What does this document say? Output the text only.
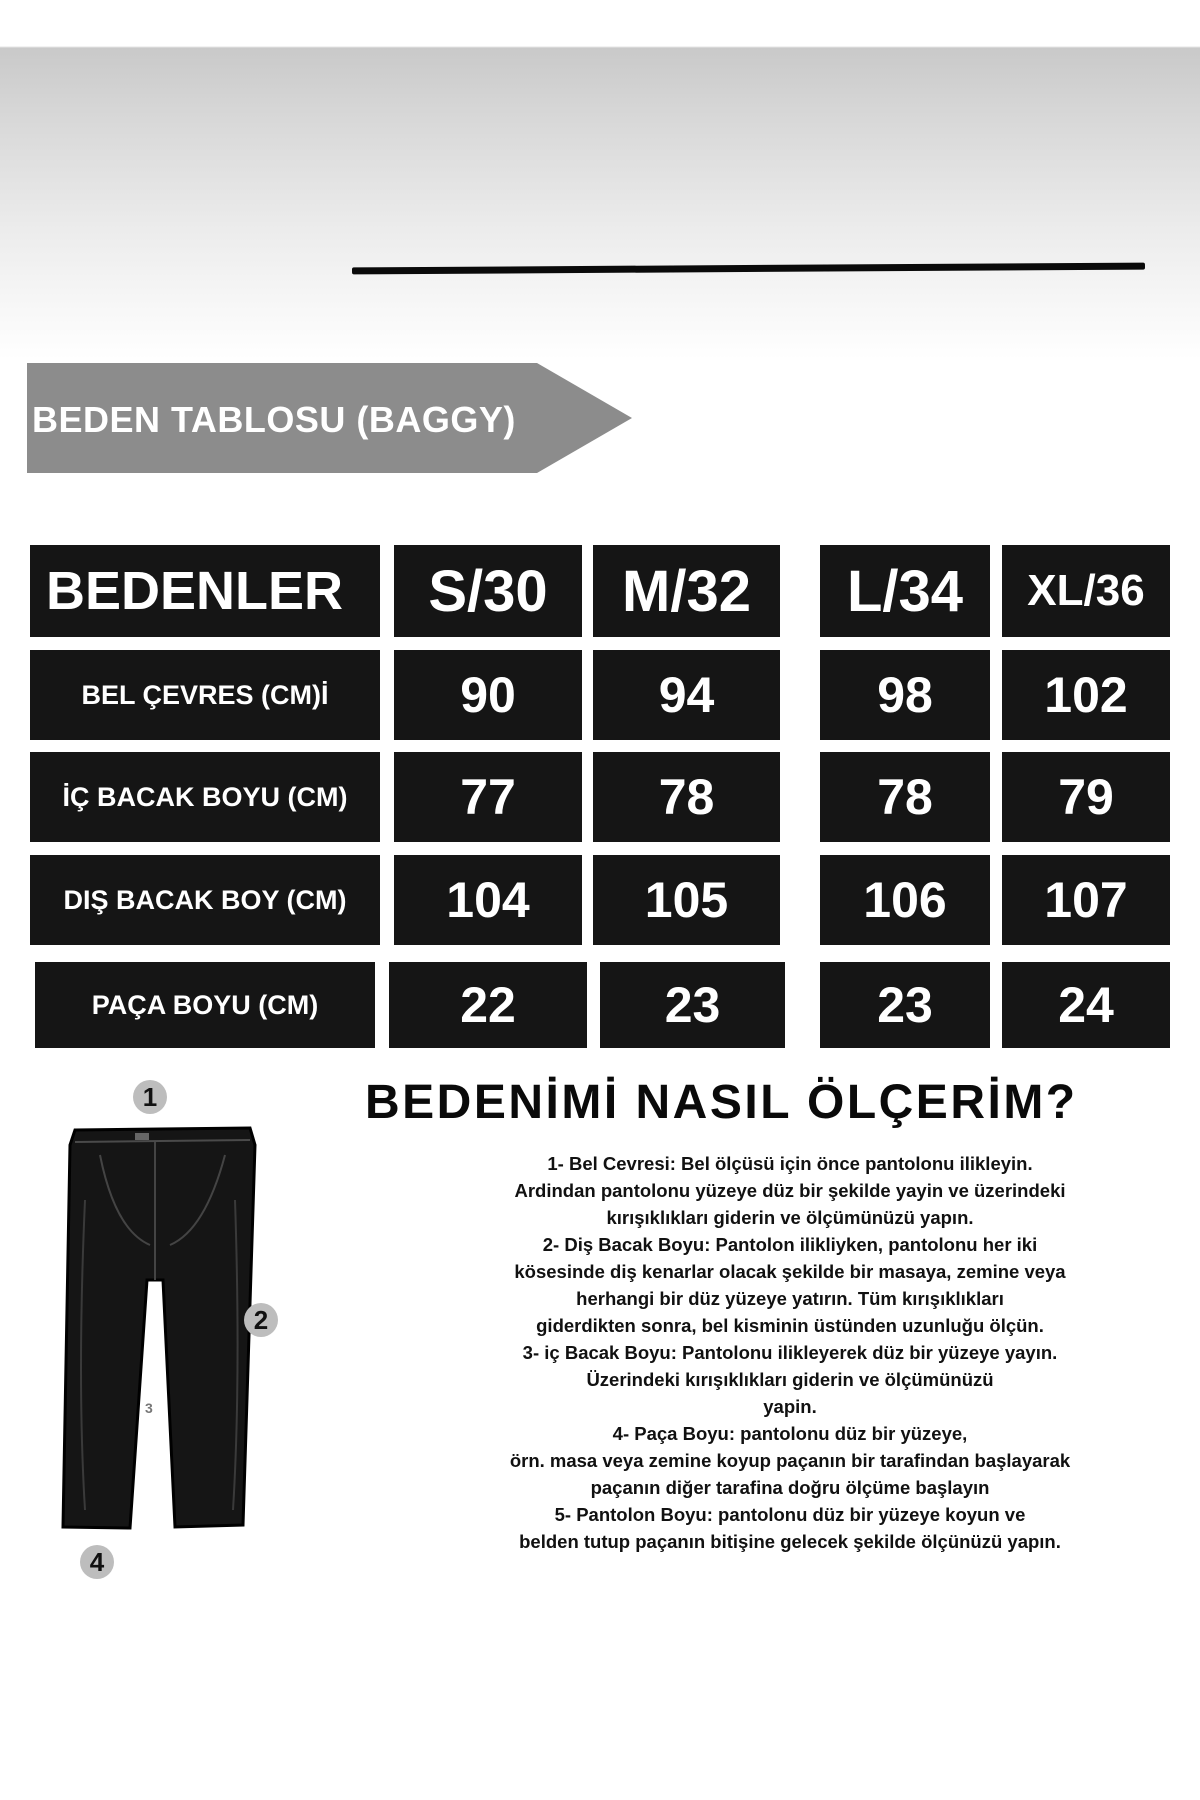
BEDEN TABLOSU (BAGGY)
BEDENLER	S/30	M/32	L/34	XL/36
BEL ÇEVRES (CM)İ	90	94	98	102
İÇ BACAK BOYU (CM)	77	78	78	79
DIŞ BACAK BOY (CM)	104	105	106	107
PAÇA BOYU (CM)	22	23	23	24
1
2
3
4
BEDENİMİ NASIL ÖLÇERİM?
1- Bel Cevresi: Bel ölçüsü için önce pantolonu ilikleyin.
Ardindan pantolonu yüzeye düz bir şekilde yayin ve üzerindeki
kırışıklıkları giderin ve ölçümünüzü yapın.
2- Diş Bacak Boyu: Pantolon ilikliyken, pantolonu her iki
kösesinde diş kenarlar olacak şekilde bir masaya, zemine veya
herhangi bir düz yüzeye yatırın. Tüm kırışıklıkları
giderdikten sonra, bel kisminin üstünden uzunluğu ölçün.
3- iç Bacak Boyu: Pantolonu ilikleyerek düz bir yüzeye yayın.
Üzerindeki kırışıklıkları giderin ve ölçümünüzü
yapin.
4- Paça Boyu: pantolonu düz bir yüzeye,
örn. masa veya zemine koyup paçanın bir tarafindan başlayarak
paçanın diğer tarafina doğru ölçüme başlayın
5- Pantolon Boyu: pantolonu düz bir yüzeye koyun ve
belden tutup paçanın bitişine gelecek şekilde ölçünüzü yapın.
